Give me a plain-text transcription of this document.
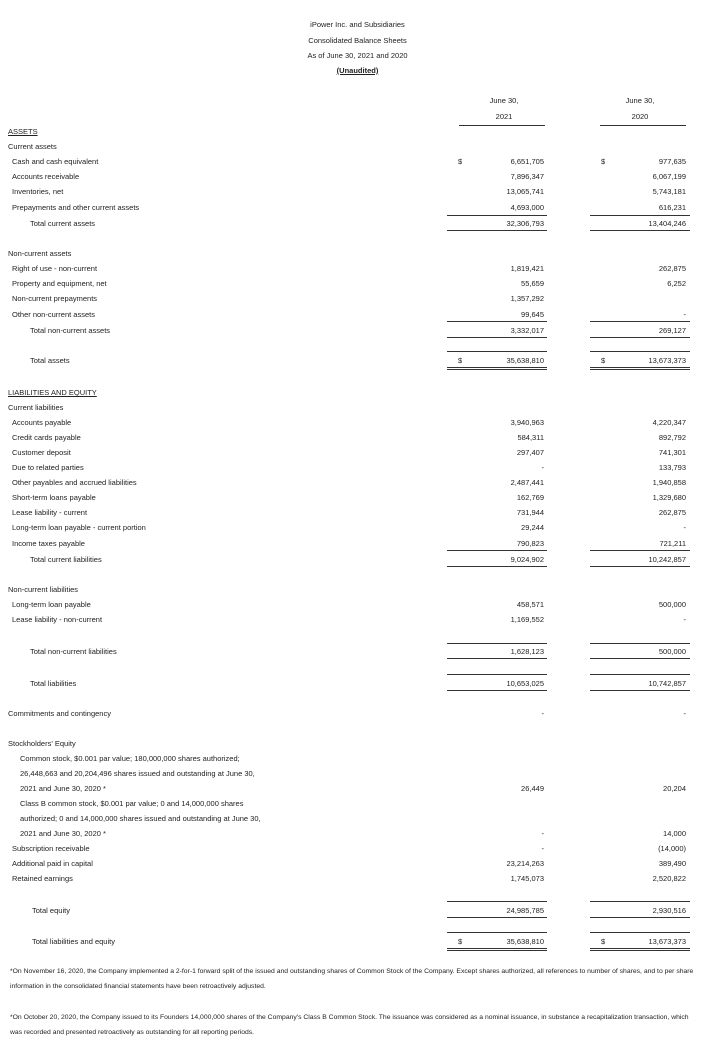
iPower Inc. and Subsidiaries
Consolidated Balance Sheets
As of June 30, 2021 and 2020
(Unaudited)
June 30,
2021
June 30,
2020
ASSETS
Current assets
Cash and cash equivalent	$	6,651,705	$	977,635
Accounts receivable	7,896,347	6,067,199
Inventories, net	13,065,741	5,743,181
Prepayments and other current assets	4,693,000	616,231
Total current assets	32,306,793	13,404,246
Non-current assets
Right of use - non-current	1,819,421	262,875
Property and equipment, net	55,659	6,252
Non-current prepayments	1,357,292
Other non-current assets	99,645	-
Total non-current assets	3,332,017	269,127
Total assets	$	35,638,810	$	13,673,373
LIABILITIES AND EQUITY
Current liabilities
Accounts payable	3,940,963	4,220,347
Credit cards payable	584,311	892,792
Customer deposit	297,407	741,301
Due to related parties	-	133,793
Other payables and accrued liabilities	2,487,441	1,940,858
Short-term loans payable	162,769	1,329,680
Lease liability - current	731,944	262,875
Long-term loan payable - current portion	29,244	-
Income taxes payable	790,823	721,211
Total current liabilities	9,024,902	10,242,857
Non-current liabilities
Long-term loan payable	458,571	500,000
Lease liability - non-current	1,169,552	-
Total non-current liabilities	1,628,123	500,000
Total liabilities	10,653,025	10,742,857
Commitments and contingency	-	-
Stockholders' Equity
Common stock, $0.001 par value; 180,000,000 shares authorized;
26,448,663 and 20,204,496 shares issued and outstanding at June 30,
2021 and June 30, 2020 *	26,449	20,204
Class B common stock, $0.001 par value; 0 and 14,000,000 shares
authorized; 0 and 14,000,000 shares issued and outstanding at June 30,
2021 and June 30, 2020 *	-	14,000
Subscription receivable	-	(14,000)
Additional paid in capital	23,214,263	389,490
Retained earnings	1,745,073	2,520,822
Total equity	24,985,785	2,930,516
Total liabilities and equity	$	35,638,810	$	13,673,373
*On November 16, 2020, the Company implemented a 2-for-1 forward split of the issued and outstanding shares of Common Stock of the Company. Except shares authorized, all references to number of shares, and to per share information in the consolidated financial statements have been retroactively adjusted.
*On October 20, 2020, the Company issued to its Founders 14,000,000 shares of the Company's Class B Common Stock. The issuance was considered as a nominal issuance, in substance a recapitalization transaction, which was recorded and presented retroactively as outstanding for all reporting periods.
